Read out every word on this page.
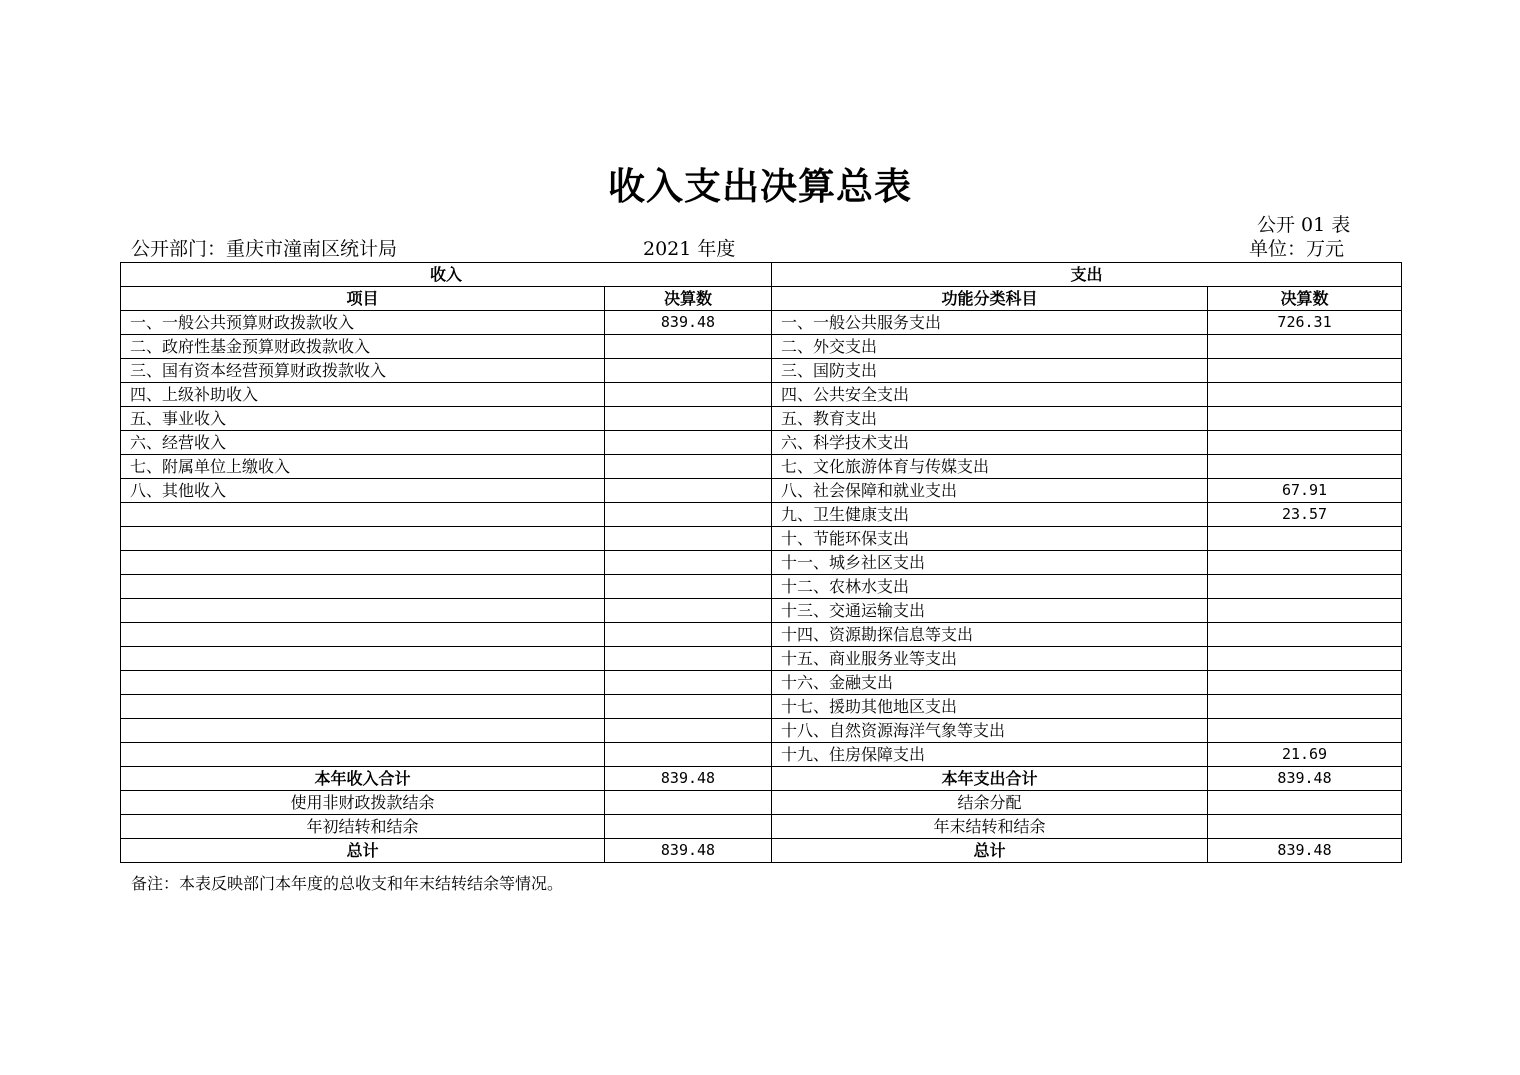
收入支出决算总表
公开部门：重庆市潼南区统计局	2021 年度
公开 01 表
单位：万元
收入		支出	
项目	决算数	功能分类科目	决算数
一、一般公共预算财政拨款收入	839.48	一、一般公共服务支出	726.31
二、政府性基金预算财政拨款收入		二、外交支出	
三、国有资本经营预算财政拨款收入		三、国防支出	
四、上级补助收入		四、公共安全支出	
五、事业收入		五、教育支出	
六、经营收入		六、科学技术支出	
七、附属单位上缴收入		七、文化旅游体育与传媒支出	
八、其他收入		八、社会保障和就业支出	67.91
		九、卫生健康支出	23.57
		十、节能环保支出	
		十一、城乡社区支出	
		十二、农林水支出	
		十三、交通运输支出	
		十四、资源勘探信息等支出	
		十五、商业服务业等支出	
		十六、金融支出	
		十七、援助其他地区支出	
		十八、自然资源海洋气象等支出	
		十九、住房保障支出	21.69
本年收入合计	839.48	本年支出合计	839.48
使用非财政拨款结余		结余分配	
年初结转和结余		年末结转和结余	
总计	839.48	总计	839.48
备注：本表反映部门本年度的总收支和年末结转结余等情况。
